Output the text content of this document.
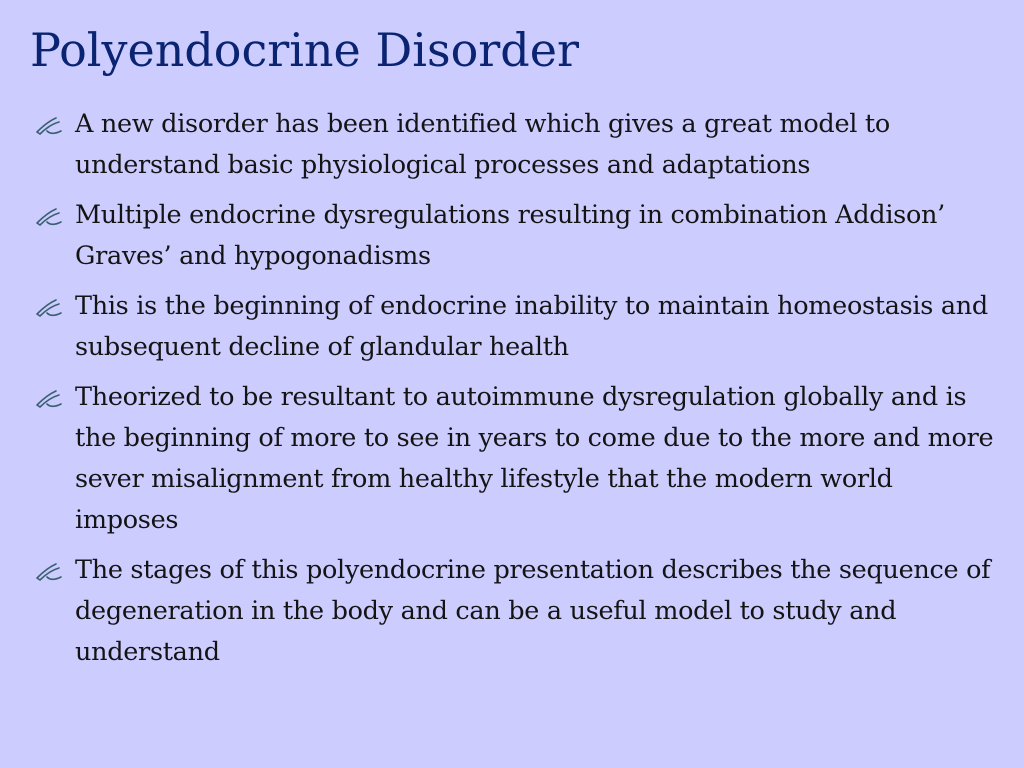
Polyendocrine Disorder
A new disorder has been identified which gives a great model to understand basic physiological processes and adaptations
Multiple endocrine dysregulations resulting in combination Addison’ Graves’ and hypogonadisms
This is the beginning of endocrine inability to maintain homeostasis and subsequent decline of glandular health
Theorized to be resultant to autoimmune dysregulation globally and is the beginning of more to see in years to come due to the more and more sever misalignment from healthy lifestyle that the modern world imposes
The stages of this polyendocrine presentation describes the sequence of degeneration in the body and can be a useful model to study and understand
